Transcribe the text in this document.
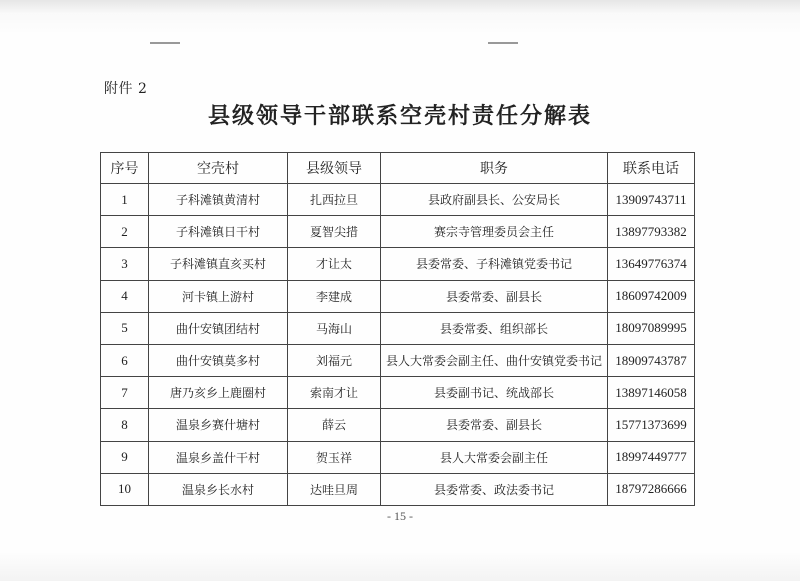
附件 2
县级领导干部联系空壳村责任分解表
序号	空壳村	县级领导	职务	联系电话
1	子科滩镇黄清村	扎西拉旦	县政府副县长、公安局长	13909743711
2	子科滩镇日干村	夏智尖措	赛宗寺管理委员会主任	13897793382
3	子科滩镇直亥买村	才让太	县委常委、子科滩镇党委书记	13649776374
4	河卡镇上游村	李建成	县委常委、副县长	18609742009
5	曲什安镇团结村	马海山	县委常委、组织部长	18097089995
6	曲什安镇莫多村	刘福元	县人大常委会副主任、曲什安镇党委书记	18909743787
7	唐乃亥乡上鹿圈村	索南才让	县委副书记、统战部长	13897146058
8	温泉乡赛什塘村	薛云	县委常委、副县长	15771373699
9	温泉乡盖什干村	贺玉祥	县人大常委会副主任	18997449777
10	温泉乡长水村	达哇旦周	县委常委、政法委书记	18797286666
- 15 -
